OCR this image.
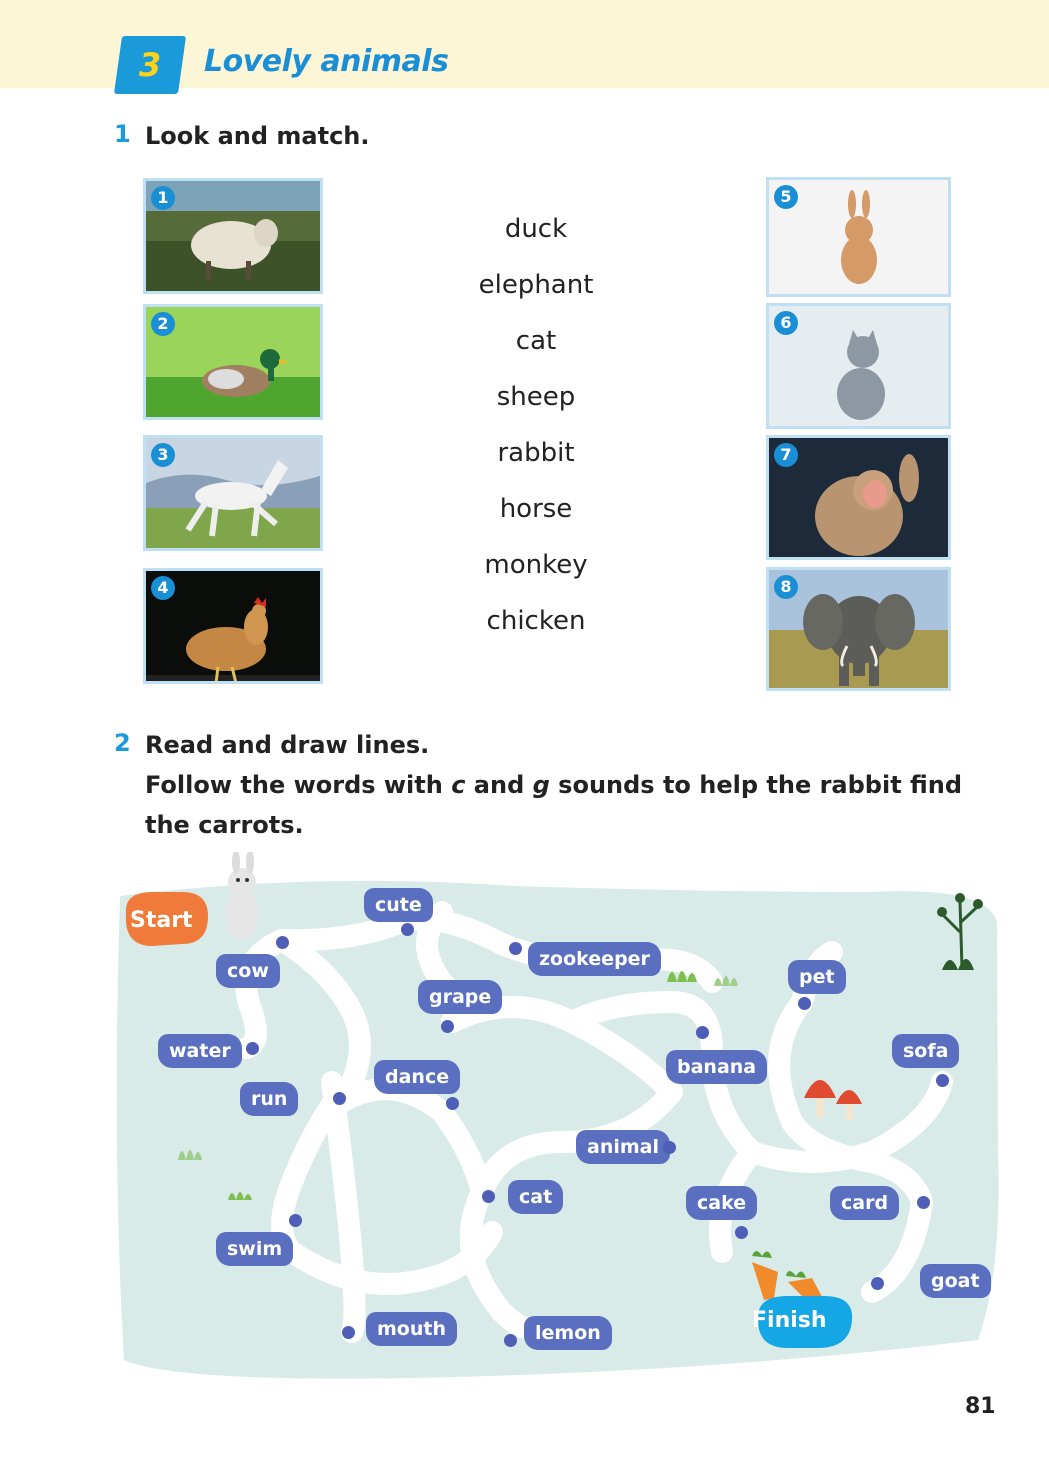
3	Lovely animals
1 Look and match.
1
2
3
4
5
6
7
8
duck
elephant
cat
sheep
rabbit
horse
monkey
chicken
2 Read and draw lines.
Follow the words with c and g sounds to help the rabbit find
the carrots.
Start
Finish
cute
zookeeper
cow
grape
pet
water	sofa
dance	banana
run
animal
cat	cake	card
swim
goat
mouth	lemon
81
